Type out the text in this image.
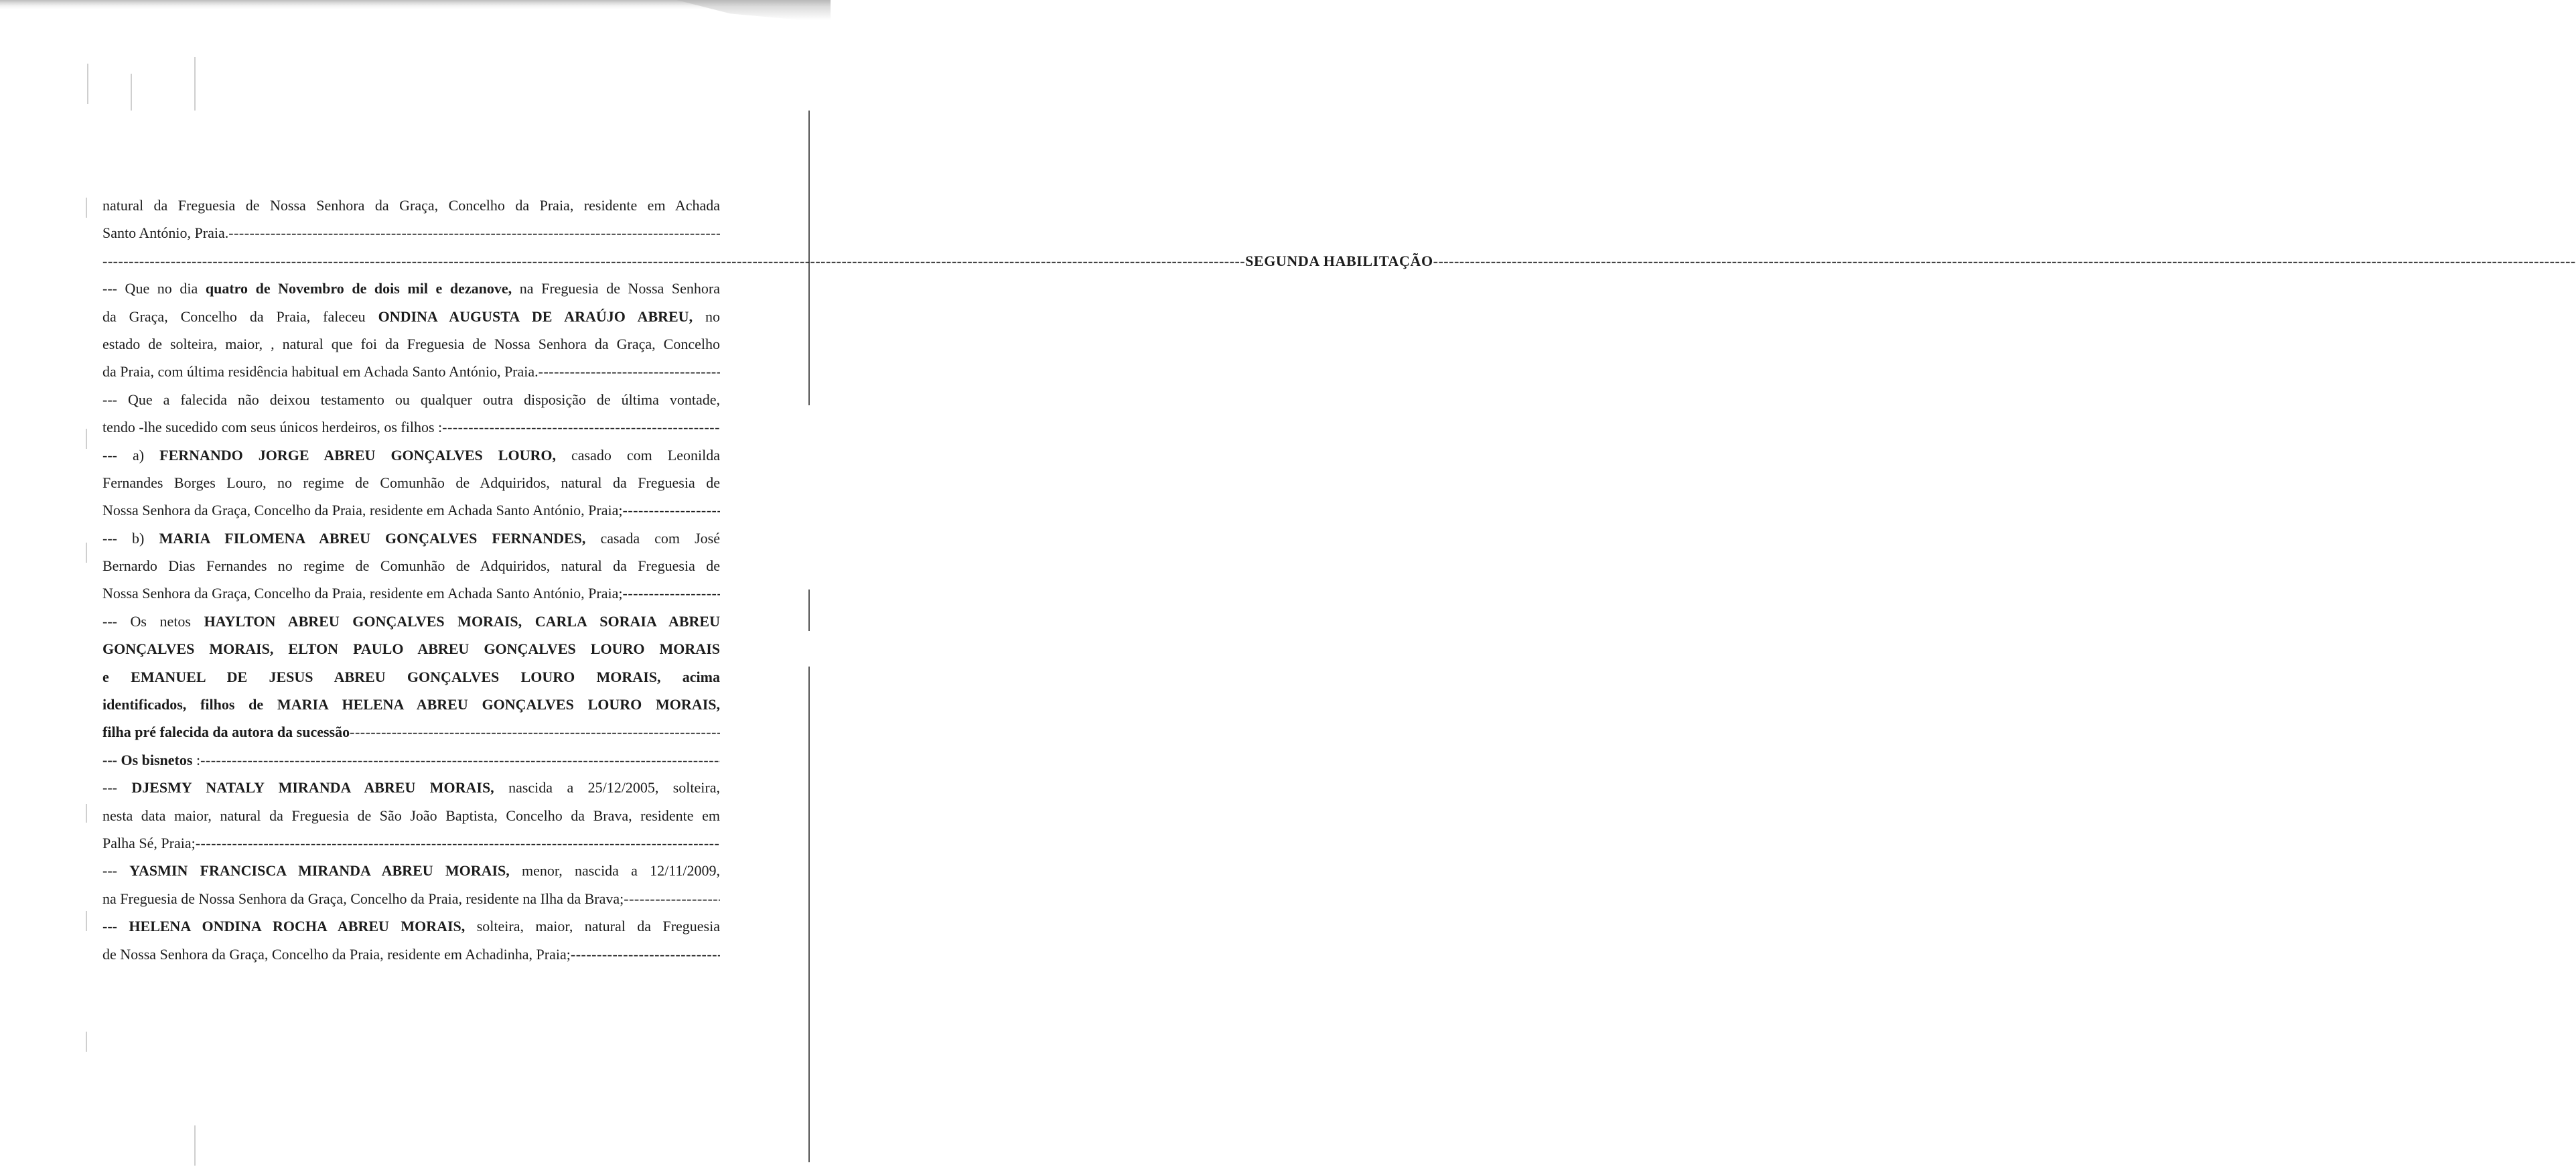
natural da Freguesia de Nossa Senhora da Graça, Concelho da Praia, residente em Achada
Santo António, Praia.
-----
-------------------------------------------------------------------------------------------------------------------------------------------------------------------------------------------------------------------------- SEGUNDA HABILITAÇÃO --------------------------------------------------------------------------------------------------------------------------------------------------------------------------------------------------------------------------
--- Que no dia quatro de Novembro de dois mil e dezanove, na Freguesia de Nossa Senhora
da Graça, Concelho da Praia, faleceu ONDINA AUGUSTA DE ARAÚJO ABREU, no
estado de solteira, maior, , natural que foi da Freguesia de Nossa Senhora da Graça, Concelho
da Praia, com última residência habitual em Achada Santo António, Praia.
-----
--- Que a falecida não deixou testamento ou qualquer outra disposição de última vontade,
tendo -lhe sucedido com seus únicos herdeiros, os filhos :
-----
--- a) FERNANDO JORGE ABREU GONÇALVES LOURO, casado com Leonilda
Fernandes Borges Louro, no regime de Comunhão de Adquiridos, natural da Freguesia de
Nossa Senhora da Graça, Concelho da Praia, residente em Achada Santo António, Praia;
-----
--- b) MARIA FILOMENA ABREU GONÇALVES FERNANDES, casada com José
Bernardo Dias Fernandes no regime de Comunhão de Adquiridos, natural da Freguesia de
Nossa Senhora da Graça, Concelho da Praia, residente em Achada Santo António, Praia;
-----
--- Os netos HAYLTON ABREU GONÇALVES MORAIS, CARLA SORAIA ABREU
GONÇALVES MORAIS, ELTON PAULO ABREU GONÇALVES LOURO MORAIS
e EMANUEL DE JESUS ABREU GONÇALVES LOURO MORAIS, acima
identificados, filhos de MARIA HELENA ABREU GONÇALVES LOURO MORAIS,
filha pré falecida da autora da sucessão
-----
--- Os bisnetos :
-----
--- DJESMY NATALY MIRANDA ABREU MORAIS, nascida a 25/12/2005, solteira,
nesta data maior, natural da Freguesia de São João Baptista, Concelho da Brava, residente em
Palha Sé, Praia;
-----
--- YASMIN FRANCISCA MIRANDA ABREU MORAIS, menor, nascida a 12/11/2009,
na Freguesia de Nossa Senhora da Graça, Concelho da Praia, residente na Ilha da Brava;
-----
--- HELENA ONDINA ROCHA ABREU MORAIS, solteira, maior, natural da Freguesia
de Nossa Senhora da Graça, Concelho da Praia, residente em Achadinha, Praia;
-----
